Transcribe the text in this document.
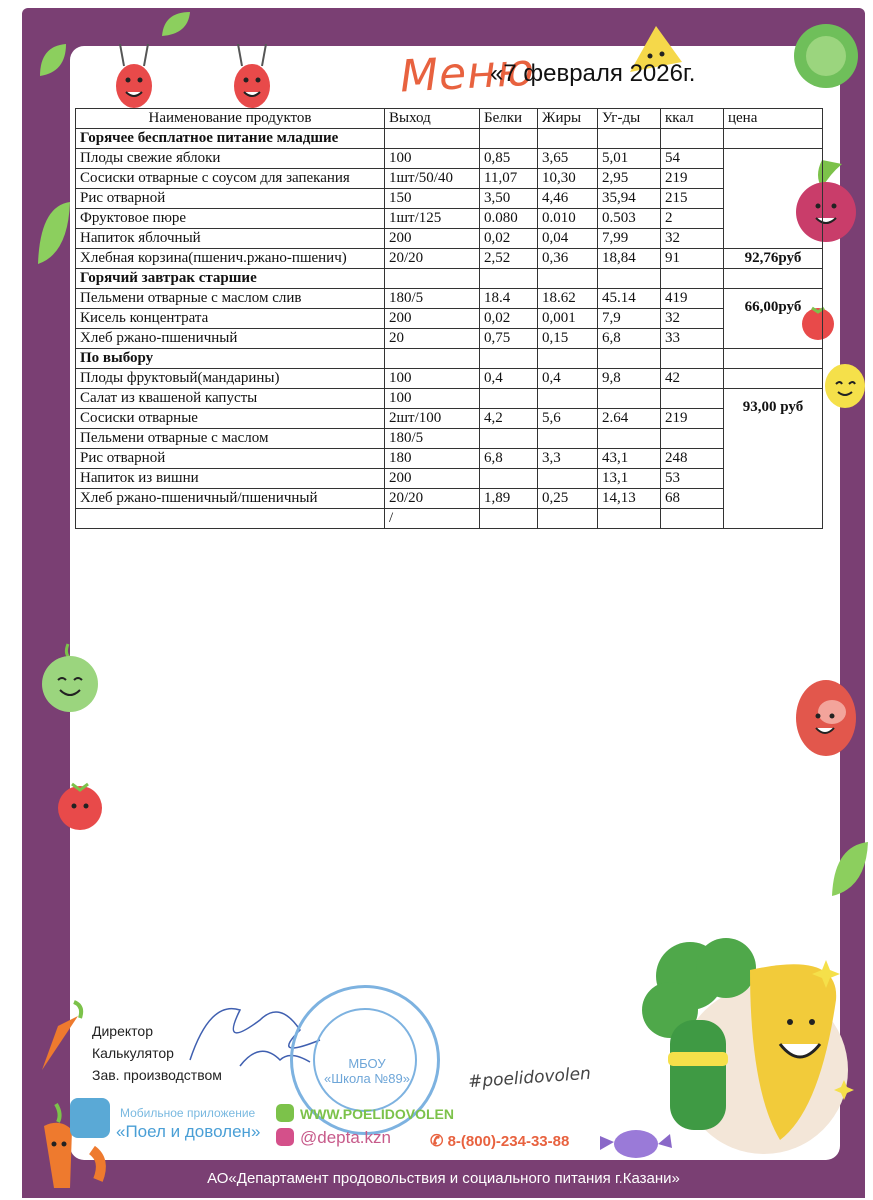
Меню
«7 февраля 2026г.
Наименование продуктов	Выход	Белки	Жиры	Уг-ды	ккал	цена
Горячее бесплатное питание младшие						
Плоды свежие яблоки	100	0,85	3,65	5,01	54	
Сосиски отварные с соусом для запекания	1шт/50/40	11,07	10,30	2,95	219	
Рис отварной	150	3,50	4,46	35,94	215	
Фруктовое пюре	1шт/125	0.080	0.010	0.503	2	
Напиток яблочный	200	0,02	0,04	7,99	32	
Хлебная корзина(пшенич.ржано-пшенич)	20/20	2,52	0,36	18,84	91	92,76руб
Горячий завтрак старшие						
Пельмени отварные с маслом слив	180/5	18.4	18.62	45.14	419	66,00руб
Кисель концентрата	200	0,02	0,001	7,9	32	
Хлеб ржано-пшеничный	20	0,75	0,15	6,8	33	
По выбору						
Плоды фруктовый(мандарины)	100	0,4	0,4	9,8	42	
Салат из квашеной капусты	100					93,00 руб
Сосиски отварные	2шт/100	4,2	5,6	2.64	219	
Пельмени отварные с маслом	180/5					
Рис отварной	180	6,8	3,3	43,1	248	
Напиток из вишни	200			13,1	53	
Хлеб ржано-пшеничный/пшеничный	20/20	1,89	0,25	14,13	68	
	/					
МБОУ
«Школа №89»
Директор
Калькулятор
Зав. производством	#poelidovolen
Мобильное приложение
«Поел и доволен»
WWW.POELIDOVOLEN
@depta.kzn ✆ 8-(800)-234-33-88
АО«Департамент продовольствия и социального питания г.Казани»
